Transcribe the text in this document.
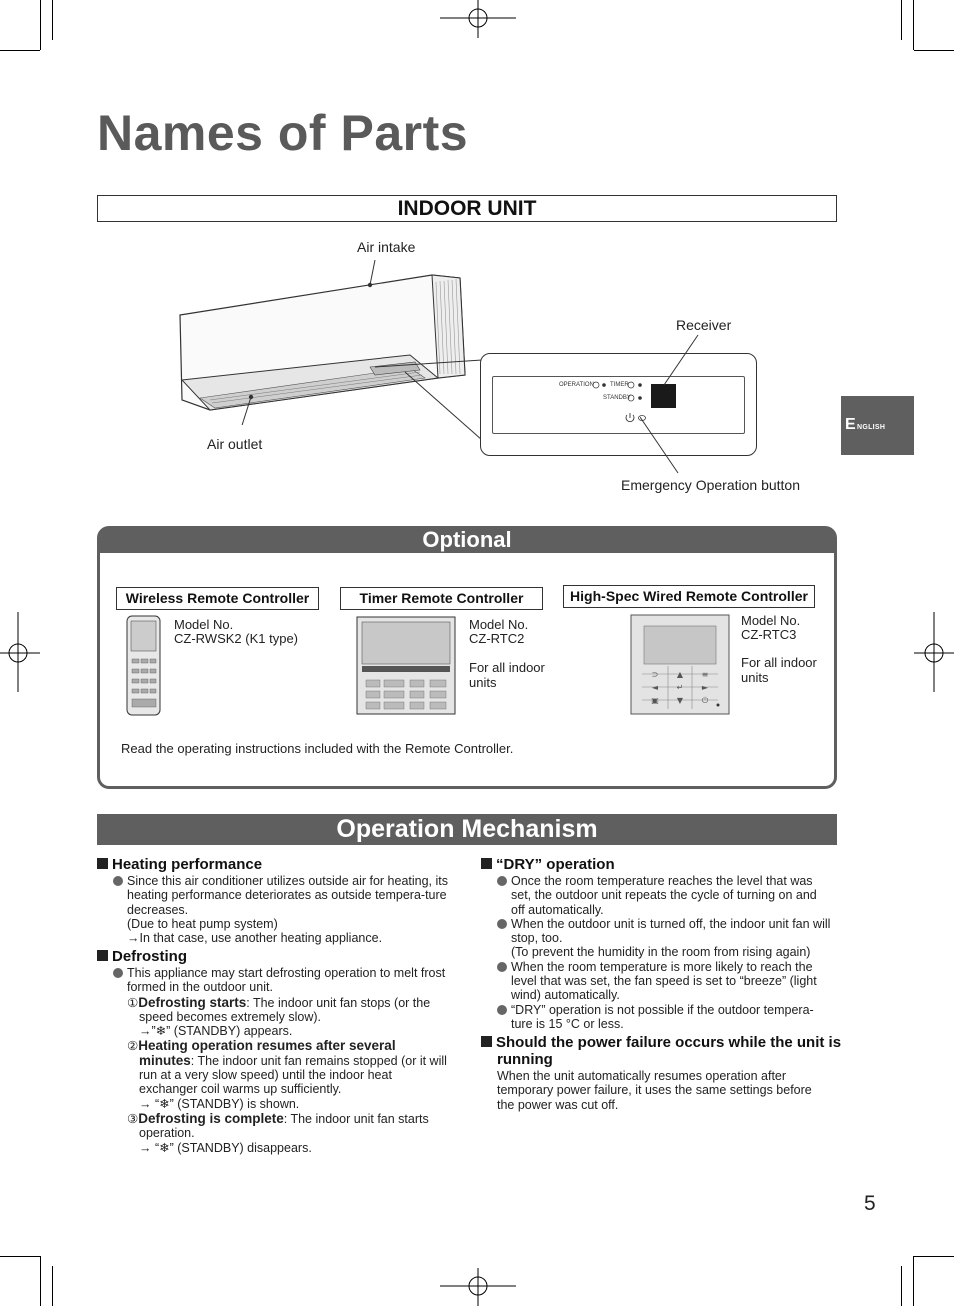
Names of Parts
INDOOR UNIT
Air intake
Air outlet
OPERATION	TIMER
STANDBY
Receiver
Emergency Operation button
E NGLISH
Optional
Wireless Remote Controller	Timer Remote Controller	High-Spec Wired Remote Controller
Model No.
CZ-RWSK2 (K1 type)
Model No.
CZ-RTC2
For all indoor
units	⊃ ▲ ≡
◄ ↵ ►
▣ ▼ ⏻
Model No.
CZ-RTC3
For all indoor
units
Read the operating instructions included with the Remote Controller.
Operation Mechanism
Heating performance
Since this air conditioner utilizes outside air for heating, its heating performance deteriorates as outside tempera-ture decreases.
(Due to heat pump system)
→In that case, use another heating appliance.
Defrosting
This appliance may start defrosting operation to melt frost formed in the outdoor unit.
①Defrosting starts: The indoor unit fan stops (or the speed becomes extremely slow).
→”❄” (STANDBY) appears.
②Heating operation resumes after several minutes: The indoor unit fan remains stopped (or it will run at a very slow speed) until the indoor heat exchanger coil warms up sufficiently.
→ “❄” (STANDBY) is shown.
③Defrosting is complete: The indoor unit fan starts operation.
→ “❄” (STANDBY) disappears.
“DRY” operation
Once the room temperature reaches the level that was set, the outdoor unit repeats the cycle of turning on and off automatically.
When the outdoor unit is turned off, the indoor unit fan will stop, too.
(To prevent the humidity in the room from rising again)
When the room temperature is more likely to reach the level that was set, the fan speed is set to “breeze” (light wind) automatically.
“DRY” operation is not possible if the outdoor tempera-ture is 15 °C or less.
Should the power failure occurs while the unit is running
When the unit automatically resumes operation after temporary power failure, it uses the same settings before the power was cut off.
5
